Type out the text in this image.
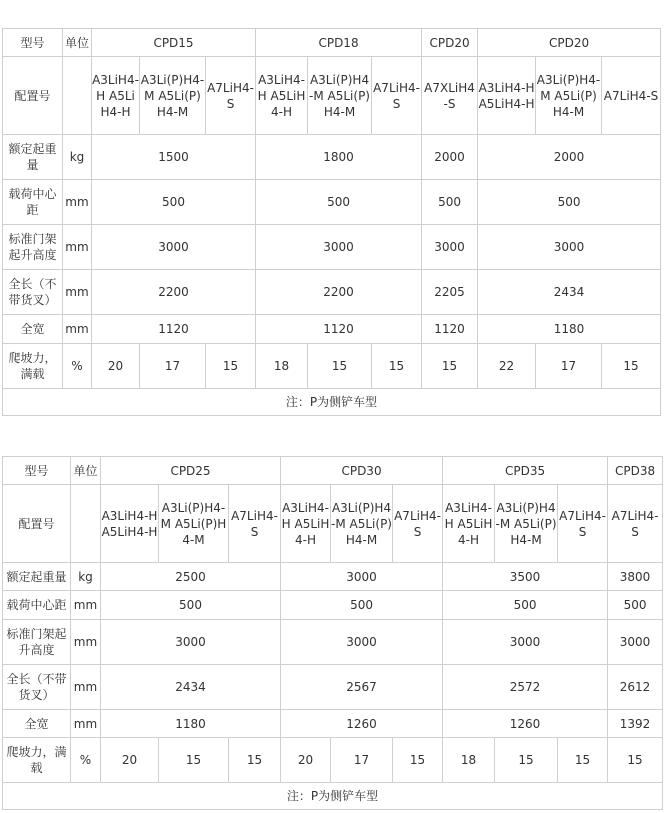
型号	单位	CPD15			CPD18			CPD20	CPD20		
配置号		A3LiH4-H A5LiH4-H	A3Li(P)H4-M A5Li(P)H4-M	A7LiH4-S	A3LiH4-H A5LiH4-H	A3Li(P)H4-M A5Li(P)H4-M	A7LiH4-S	A7XLiH4-S	A3LiH4-H A5LiH4-H	A3Li(P)H4-M A5Li(P)H4-M	A7LiH4-S
额定起重量	kg	1500			1800			2000	2000		
载荷中心距	mm	500			500			500	500		
标准门架起升高度	mm	3000			3000			3000	3000		
全长（不带货叉）	mm	2200			2200			2205	2434		
全宽	mm	1120			1120			1120	1180		
爬坡力，满载	%	20	17	15	18	15	15	15	22	17	15
注：P为侧铲车型											
型号	单位	CPD25			CPD30			CPD35			CPD38
配置号		A3LiH4-H A5LiH4-H	A3Li(P)H4-M A5Li(P)H4-M	A7LiH4-S	A3LiH4-H A5LiH4-H	A3Li(P)H4-M A5Li(P)H4-M	A7LiH4-S	A3LiH4-H A5LiH4-H	A3Li(P)H4-M A5Li(P)H4-M	A7LiH4-S	A7LiH4-S
额定起重量	kg	2500			3000			3500			3800
载荷中心距	mm	500			500			500			500
标准门架起升高度	mm	3000			3000			3000			3000
全长（不带货叉）	mm	2434			2567			2572			2612
全宽	mm	1180			1260			1260			1392
爬坡力，满载	%	20	15	15	20	17	15	18	15	15	15
注：P为侧铲车型											
